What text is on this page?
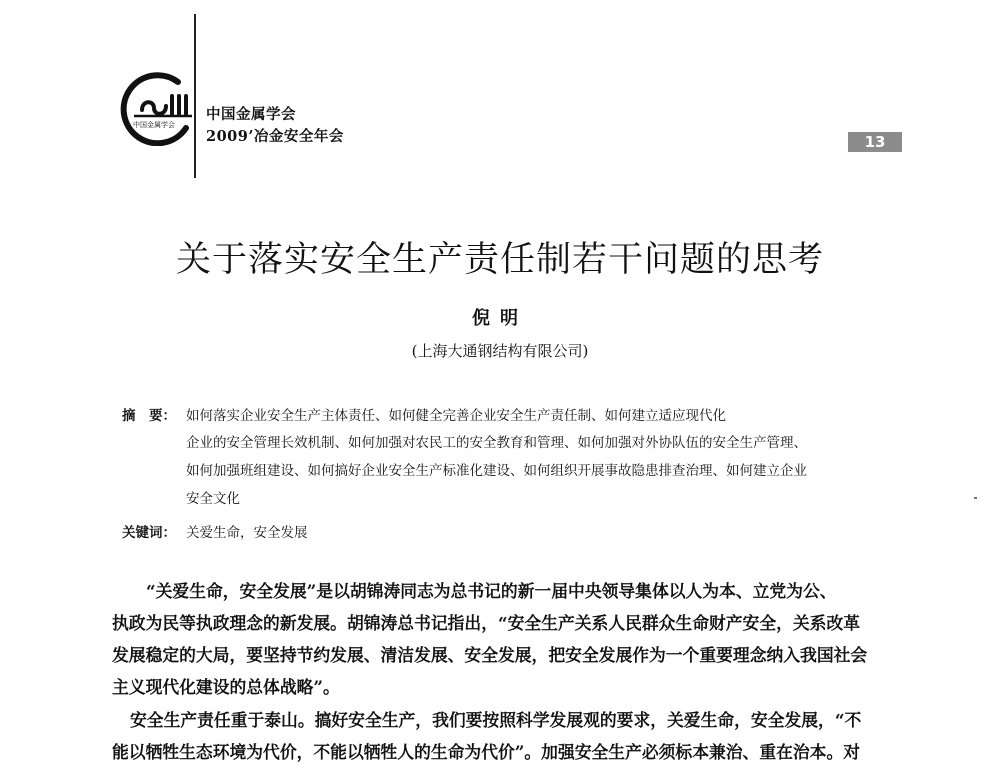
中国金属学会
中国金属学会
2009’冶金安全年会	13
关于落实安全生产责任制若干问题的思考
倪明
(上海大通钢结构有限公司)
摘　要： 如何落实企业安全生产主体责任、如何健全完善企业安全生产责任制、如何建立适应现代化
企业的安全管理长效机制、如何加强对农民工的安全教育和管理、如何加强对外协队伍的安全生产管理、
如何加强班组建设、如何搞好企业安全生产标准化建设、如何组织开展事故隐患排查治理、如何建立企业
安全文化
关键词： 关爱生命，安全发展
“关爱生命，安全发展”是以胡锦涛同志为总书记的新一届中央领导集体以人为本、立党为公、
执政为民等执政理念的新发展。胡锦涛总书记指出，“安全生产关系人民群众生命财产安全，关系改革
发展稳定的大局，要坚持节约发展、清洁发展、安全发展，把安全发展作为一个重要理念纳入我国社会
主义现代化建设的总体战略”。
安全生产责任重于泰山。搞好安全生产，我们要按照科学发展观的要求，关爱生命，安全发展，“不
能以牺牲生态环境为代价，不能以牺牲人的生命为代价”。加强安全生产必须标本兼治、重在治本。对
